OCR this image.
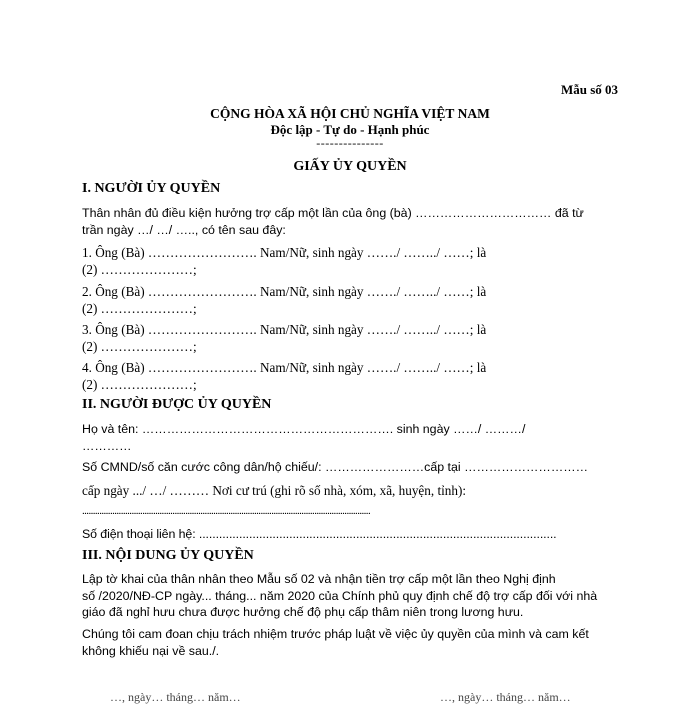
Mẫu số 03
CỘNG HÒA XÃ HỘI CHỦ NGHĨA VIỆT NAM
Độc lập - Tự do - Hạnh phúc
---------------
GIẤY ỦY QUYỀN
I. NGƯỜI ỦY QUYỀN
Thân nhân đủ điều kiện hưởng trợ cấp một lần của ông (bà) …………………………… đã từ
trần ngày …/ …/ ….., có tên sau đây:
1. Ông (Bà) ……………………. Nam/Nữ, sinh ngày ……./ ……../ ……; là
(2) …………………;
2. Ông (Bà) ……………………. Nam/Nữ, sinh ngày ……./ ……../ ……; là
(2) …………………;
3. Ông (Bà) ……………………. Nam/Nữ, sinh ngày ……./ ……../ ……; là
(2) …………………;
4. Ông (Bà) ……………………. Nam/Nữ, sinh ngày ……./ ……../ ……; là
(2) …………………;
II. NGƯỜI ĐƯỢC ỦY QUYỀN
Họ và tên: ……………………………………………………. sinh ngày ……/ ………/
…………
Số CMND/số căn cước công dân/hộ chiếu/: ……………………cấp tại …………………………
cấp ngày .../ …/ ……… Nơi cư trú (ghi rõ số nhà, xóm, xã, huyện, tỉnh):
......................................................................................................................................
Số điện thoại liên hệ: ...........................................................................................................
III. NỘI DUNG ỦY QUYỀN
Lập tờ khai của thân nhân theo Mẫu số 02 và nhận tiền trợ cấp một lần theo Nghị định
số /2020/NĐ-CP ngày... tháng... năm 2020 của Chính phủ quy định chế độ trợ cấp đối với nhà
giáo đã nghỉ hưu chưa được hưởng chế độ phụ cấp thâm niên trong lương hưu.
Chúng tôi cam đoan chịu trách nhiệm trước pháp luật về việc ủy quyền của mình và cam kết
không khiếu nại về sau./.
…, ngày… tháng… năm…	…, ngày… tháng… năm…
